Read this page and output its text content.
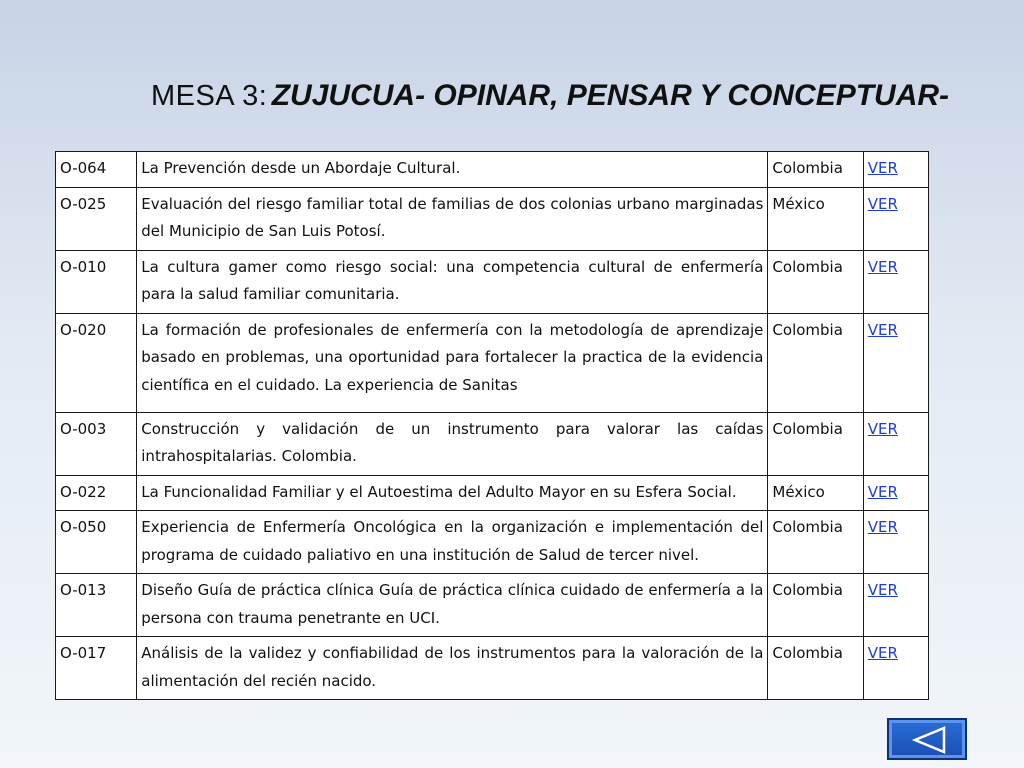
MESA 3: ZUJUCUA- OPINAR, PENSAR Y CONCEPTUAR-
O-064	La Prevención desde un Abordaje Cultural.	Colombia	VER
O-025	Evaluación del riesgo familiar total de familias de dos colonias urbano marginadas del Municipio de San Luis Potosí.	México	VER
O-010	La cultura gamer como riesgo social: una competencia cultural de enfermería para la salud familiar comunitaria.	Colombia	VER
O-020	La formación de profesionales de enfermería con la metodología de aprendizaje basado en problemas, una oportunidad para fortalecer la practica de la evidencia científica en el cuidado. La experiencia de Sanitas	Colombia	VER
O-003	Construcción y validación de un instrumento para valorar las caídas intrahospitalarias. Colombia.	Colombia	VER
O-022	La Funcionalidad Familiar y el Autoestima del Adulto Mayor en su Esfera Social.	México	VER
O-050	Experiencia de Enfermería Oncológica en la organización e implementación del programa de cuidado paliativo en una institución de Salud de tercer nivel.	Colombia	VER
O-013	Diseño Guía de práctica clínica Guía de práctica clínica cuidado de enfermería a la persona con trauma penetrante en UCI.	Colombia	VER
O-017	Análisis de la validez y confiabilidad de los instrumentos para la valoración de la alimentación del recién nacido.	Colombia	VER
